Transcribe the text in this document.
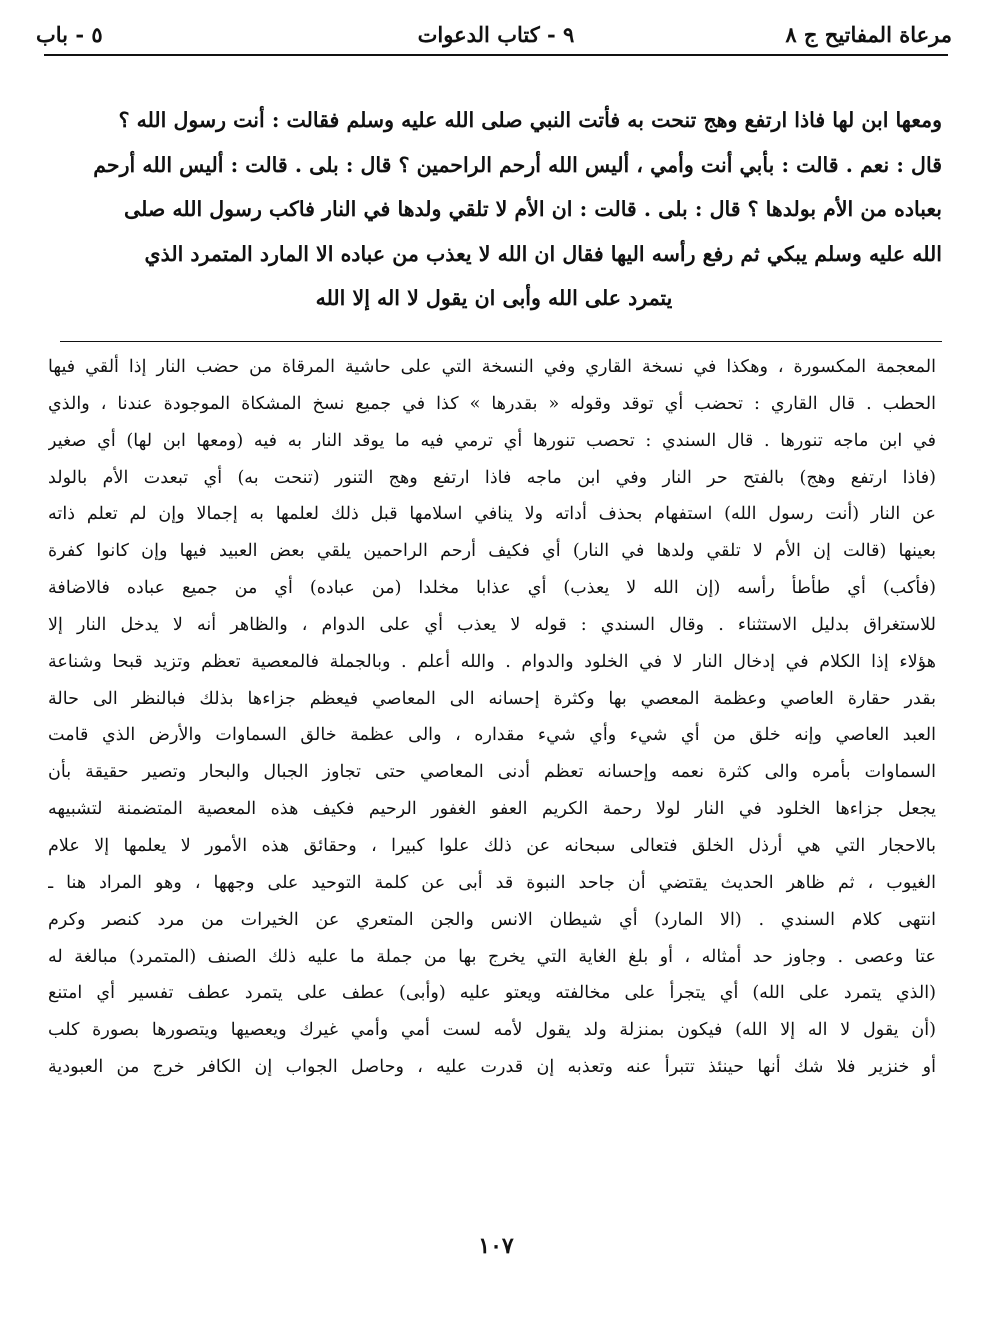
مرعاة المفاتيح ج ٨
٩ - كتاب الدعوات
٥ - باب

ومعها ابن لها فاذا ارتفع وهج تنحت به فأتت النبي صلى الله عليه وسلم فقالت : أنت رسول الله ؟

قال : نعم . قالت : بأبي أنت وأمي ، أليس الله أرحم الراحمين ؟ قال : بلى . قالت : أليس الله أرحم

بعباده من الأم بولدها ؟ قال : بلى . قالت : ان الأم لا تلقي ولدها في النار فاكب رسول الله صلى

الله عليه وسلم يبكي ثم رفع رأسه اليها فقال ان الله لا يعذب من عباده الا المارد المتمرد الذي

يتمرد على الله وأبى ان يقول لا اله إلا الله

المعجمة المكسورة ، وهكذا في نسخة القاري وفي النسخة التي على حاشية المرقاة من حضب النار إذا ألقي فيها
الحطب . قال القاري : تحضب أي توقد وقوله « بقدرها » كذا في جميع نسخ المشكاة الموجودة عندنا ، والذي
في ابن ماجه تنورها . قال السندي : تحصب تنورها أي ترمي فيه ما يوقد النار به فيه (ومعها ابن لها) أي صغير
(فاذا ارتفع وهج) بالفتح حر النار وفي ابن ماجه فاذا ارتفع وهج التنور (تنحت به) أي تبعدت الأم بالولد
عن النار (أنت رسول الله) استفهام بحذف أداته ولا ينافي اسلامها قبل ذلك لعلمها به إجمالا وإن لم تعلم ذاته
بعينها (قالت إن الأم لا تلقي ولدها في النار) أي فكيف أرحم الراحمين يلقي بعض العبيد فيها وإن كانوا كفرة
(فأكب) أي طأطأ رأسه (إن الله لا يعذب) أي عذابا مخلدا (من عباده) أي من جميع عباده فالاضافة
للاستغراق بدليل الاستثناء . وقال السندي : قوله لا يعذب أي على الدوام ، والظاهر أنه لا يدخل النار إلا
هؤلاء إذا الكلام في إدخال النار لا في الخلود والدوام . والله أعلم . وبالجملة فالمعصية تعظم وتزيد قبحا وشناعة
بقدر حقارة العاصي وعظمة المعصي بها وكثرة إحسانه الى المعاصي فيعظم جزاءها بذلك فبالنظر الى حالة
العبد العاصي وإنه خلق من أي شيء وأي شيء مقداره ، والى عظمة خالق السماوات والأرض الذي قامت
السماوات بأمره والى كثرة نعمه وإحسانه تعظم أدنى المعاصي حتى تجاوز الجبال والبحار وتصير حقيقة بأن
يجعل جزاءها الخلود في النار لولا رحمة الكريم العفو الغفور الرحيم فكيف هذه المعصية المتضمنة لتشبيهه
بالاحجار التي هي أرذل الخلق فتعالى سبحانه عن ذلك علوا كبيرا ، وحقائق هذه الأمور لا يعلمها إلا علام
الغيوب ، ثم ظاهر الحديث يقتضي أن جاحد النبوة قد أبى عن كلمة التوحيد على وجهها ، وهو المراد هنا ـ
انتهى كلام السندي . (الا المارد) أي شيطان الانس والجن المتعري عن الخيرات من مرد كنصر وكرم
عتا وعصى . وجاوز حد أمثاله ، أو بلغ الغاية التي يخرج بها من جملة ما عليه ذلك الصنف (المتمرد) مبالغة له
(الذي يتمرد على الله) أي يتجرأ على مخالفته ويعتو عليه (وأبى) عطف على يتمرد عطف تفسير أي امتنع
(أن يقول لا اله إلا الله) فيكون بمنزلة ولد يقول لأمه لست أمي وأمي غيرك ويعصيها ويتصورها بصورة كلب
أو خنزير فلا شك أنها حينئذ تتبرأ عنه وتعذبه إن قدرت عليه ، وحاصل الجواب إن الكافر خرج من العبودية
١٠٧
